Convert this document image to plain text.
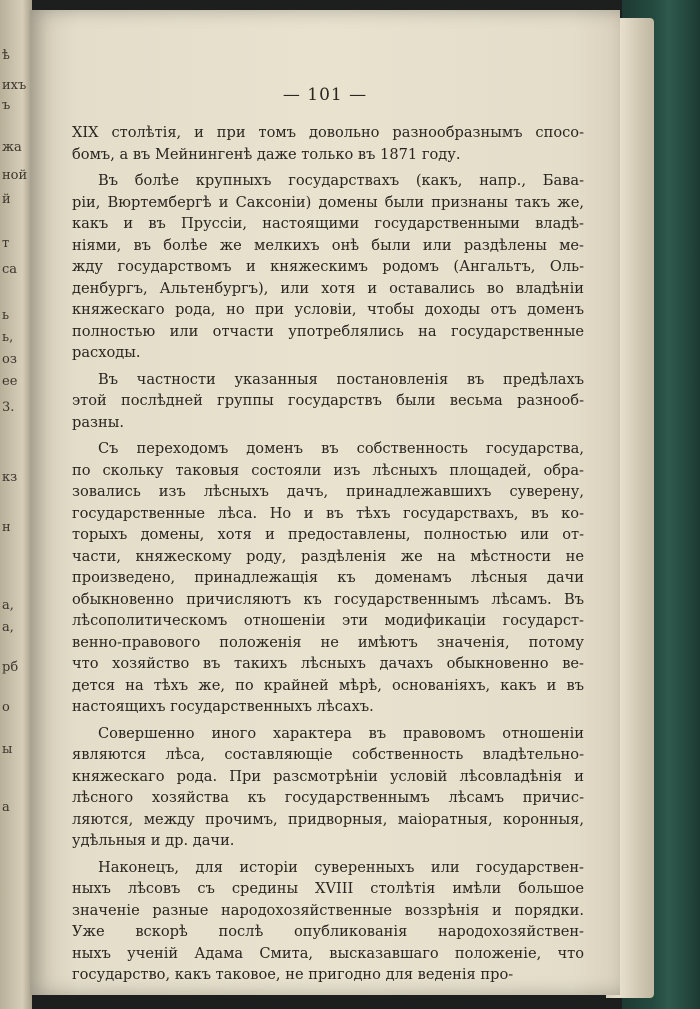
ѣ
ихъ
ъ
жа
ной
й
т
са
ь
ь,
оз
ее
3.
кз
н
а,
а,
рб
о
ы
а
— 101 —
XIX столѣтія, и при томъ довольно разнообразнымъ спосо-
бомъ, а въ Мейнингенѣ даже только въ 1871 году.
Въ болѣе крупныхъ государствахъ (какъ, напр., Бава-
ріи, Вюртембергѣ и Саксоніи) домены были признаны такъ же,
какъ и въ Пруссіи, настоящими государственными владѣ-
ніями, въ болѣе же мелкихъ онѣ были или раздѣлены ме-
жду государствомъ и княжескимъ родомъ (Ангальтъ, Оль-
денбургъ, Альтенбургъ), или хотя и оставались во владѣніи
княжескаго рода, но при условіи, чтобы доходы отъ доменъ
полностью или отчасти употреблялись на государственные
расходы.
Въ частности указанныя постановленія въ предѣлахъ
этой послѣдней группы государствъ были весьма разнооб-
разны.
Съ переходомъ доменъ въ собственность государства,
по скольку таковыя состояли изъ лѣсныхъ площадей, обра-
зовались изъ лѣсныхъ дачъ, принадлежавшихъ суверену,
государственные лѣса. Но и въ тѣхъ государствахъ, въ ко-
торыхъ домены, хотя и предоставлены, полностью или от-
части, княжескому роду, раздѣленія же на мѣстности не
произведено, принадлежащія къ доменамъ лѣсныя дачи
обыкновенно причисляютъ къ государственнымъ лѣсамъ. Въ
лѣсополитическомъ отношеніи эти модификаціи государст-
венно-правового положенія не имѣютъ значенія, потому
что хозяйство въ такихъ лѣсныхъ дачахъ обыкновенно ве-
дется на тѣхъ же, по крайней мѣрѣ, основаніяхъ, какъ и въ
настоящихъ государственныхъ лѣсахъ.
Совершенно иного характера въ правовомъ отношеніи
являются лѣса, составляющіе собственность владѣтельно-
княжескаго рода. При разсмотрѣніи условій лѣсовладѣнія и
лѣсного хозяйства къ государственнымъ лѣсамъ причис-
ляются, между прочимъ, придворныя, маіоратныя, коронныя,
удѣльныя и др. дачи.
Наконецъ, для исторіи суверенныхъ или государствен-
ныхъ лѣсовъ съ средины XVIII столѣтія имѣли большое
значеніе разные народохозяйственные воззрѣнія и порядки.
Уже вскорѣ послѣ опубликованія народохозяйствен-
ныхъ ученій Адама Смита, высказавшаго положеніе, что
государство, какъ таковое, не пригодно для веденія про-
